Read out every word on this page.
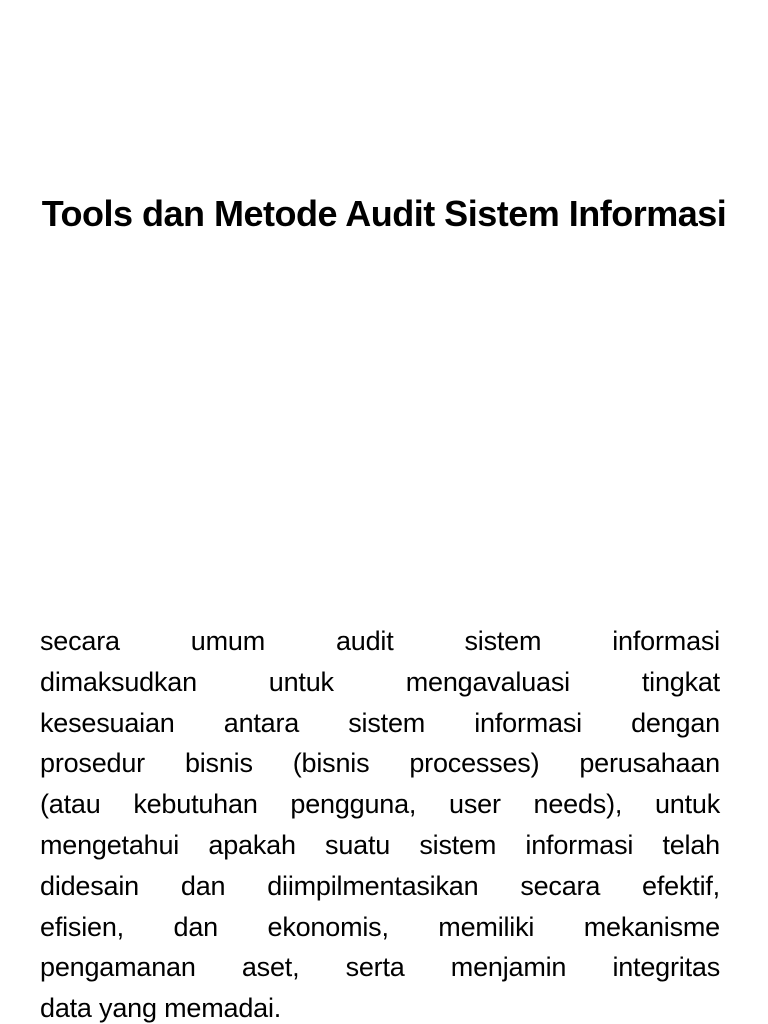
Tools dan Metode Audit Sistem Informasi
secara umum audit sistem informasi
dimaksudkan untuk mengavaluasi tingkat
kesesuaian antara sistem informasi dengan
prosedur bisnis (bisnis processes) perusahaan
(atau kebutuhan pengguna, user needs), untuk
mengetahui apakah suatu sistem informasi telah
didesain dan diimpilmentasikan secara efektif,
efisien, dan ekonomis, memiliki mekanisme
pengamanan aset, serta menjamin integritas
data yang memadai.
